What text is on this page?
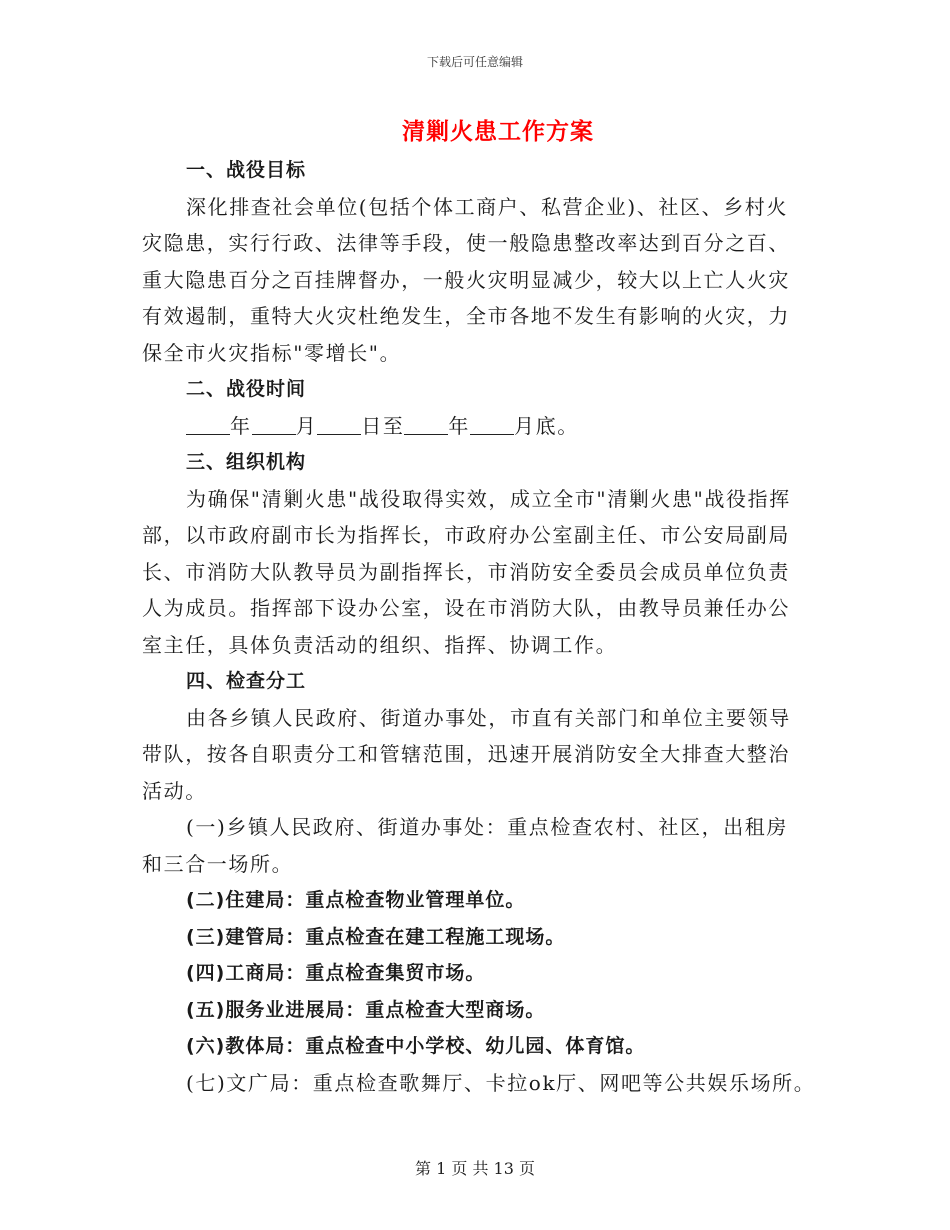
下载后可任意编辑
清剿火患工作方案
一、战役目标
深化排查社会单位(包括个体工商户、私营企业)、社区、乡村火
灾隐患，实行行政、法律等手段，使一般隐患整改率达到百分之百、
重大隐患百分之百挂牌督办，一般火灾明显减少，较大以上亡人火灾
有效遏制，重特大火灾杜绝发生，全市各地不发生有影响的火灾，力
保全市火灾指标"零增长"。
二、战役时间
年 月 日至 年 月底。
三、组织机构
为确保"清剿火患"战役取得实效，成立全市"清剿火患"战役指挥
部，以市政府副市长为指挥长，市政府办公室副主任、市公安局副局
长、市消防大队教导员为副指挥长，市消防安全委员会成员单位负责
人为成员。指挥部下设办公室，设在市消防大队，由教导员兼任办公
室主任，具体负责活动的组织、指挥、协调工作。
四、检查分工
由各乡镇人民政府、街道办事处，市直有关部门和单位主要领导
带队，按各自职责分工和管辖范围，迅速开展消防安全大排查大整治
活动。
(一)乡镇人民政府、街道办事处：重点检查农村、社区，出租房
和三合一场所。
(二)住建局：重点检查物业管理单位。
(三)建管局：重点检查在建工程施工现场。
(四)工商局：重点检查集贸市场。
(五)服务业进展局：重点检查大型商场。
(六)教体局：重点检查中小学校、幼儿园、体育馆。
(七)文广局：重点检查歌舞厅、卡拉ok厅、网吧等公共娱乐场所。
第 1 页 共 13 页
